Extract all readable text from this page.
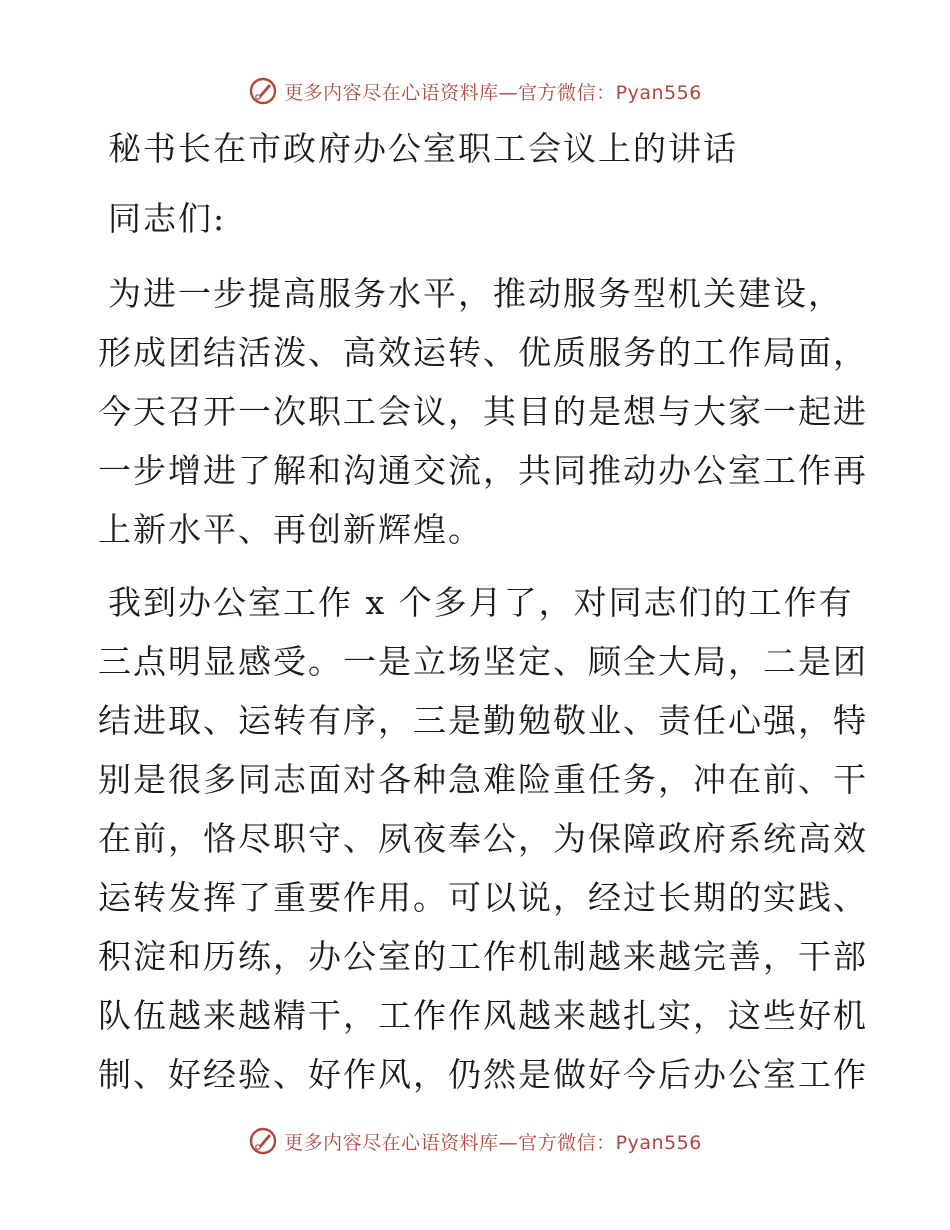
更多内容尽在心语资料库—官方微信：Pyan556
秘书长在市政府办公室职工会议上的讲话
同志们:
为进一步提高服务水平，推动服务型机关建设，
形成团结活泼、高效运转、优质服务的工作局面，
今天召开一次职工会议，其目的是想与大家一起进
一步增进了解和沟通交流，共同推动办公室工作再
上新水平、再创新辉煌。
我到办公室工作 x 个多月了，对同志们的工作有
三点明显感受。一是立场坚定、顾全大局，二是团
结进取、运转有序，三是勤勉敬业、责任心强，特
别是很多同志面对各种急难险重任务，冲在前、干
在前，恪尽职守、夙夜奉公，为保障政府系统高效
运转发挥了重要作用。可以说，经过长期的实践、
积淀和历练，办公室的工作机制越来越完善，干部
队伍越来越精干，工作作风越来越扎实，这些好机
制、好经验、好作风，仍然是做好今后办公室工作
更多内容尽在心语资料库—官方微信：Pyan556
